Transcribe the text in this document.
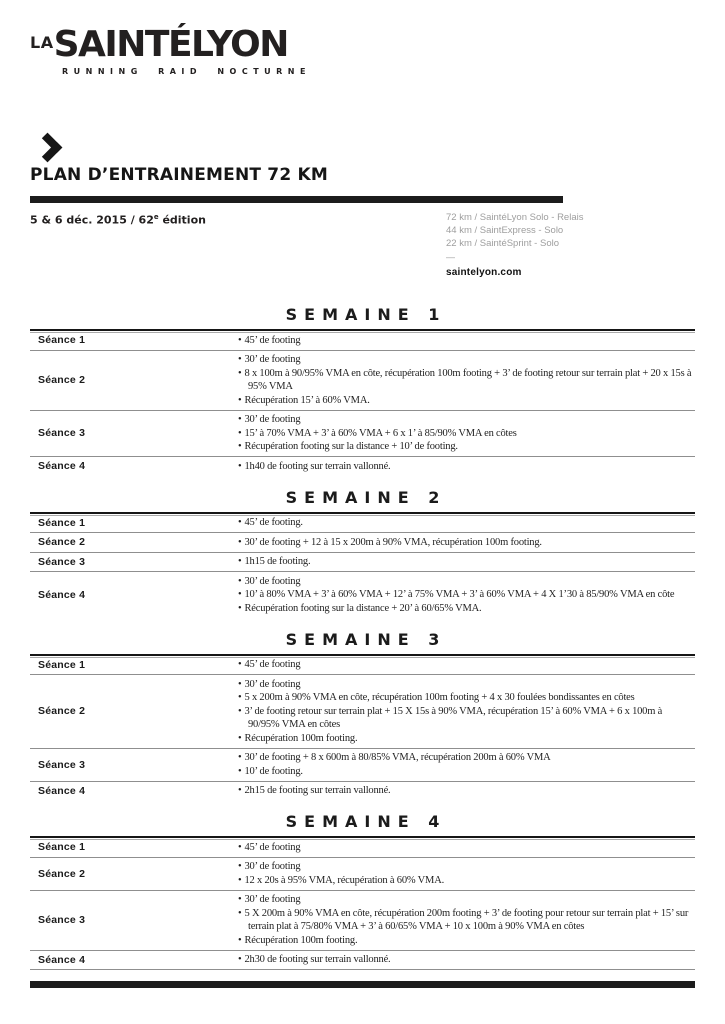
LA SAINTÉLYON
RUNNING RAID NOCTURNE
PLAN D’ENTRAINEMENT 72 KM
5 & 6 déc. 2015 / 62e édition	72 km / SaintéLyon Solo - Relais
44 km / SaintExpress - Solo
22 km / SaintéSprint - Solo
—
saintelyon.com
SEMAINE 1
Séance 1	• 45’ de footing
Séance 2
• 30’ de footing
• 8 x 100m à 90/95% VMA en côte, récupération 100m footing + 3’ de footing retour sur terrain plat + 20 x 15s à 95% VMA
• Récupération 15’ à 60% VMA.
Séance 3
• 30’ de footing
• 15’ à 70% VMA + 3’ à 60% VMA + 6 x 1’ à 85/90% VMA en côtes
• Récupération footing sur la distance + 10’ de footing.
Séance 4	• 1h40 de footing sur terrain vallonné.
SEMAINE 2
Séance 1	• 45’ de footing.
Séance 2	• 30’ de footing + 12 à 15 x 200m à 90% VMA, récupération 100m footing.
Séance 3	• 1h15 de footing.
Séance 4
• 30’ de footing
• 10’ à 80% VMA + 3’ à 60% VMA + 12’ à 75% VMA + 3’ à 60% VMA + 4 X 1’30 à 85/90% VMA en côte
• Récupération footing sur la distance + 20’ à 60/65% VMA.
SEMAINE 3
Séance 1	• 45’ de footing
Séance 2
• 30’ de footing
• 5 x 200m à 90% VMA en côte, récupération 100m footing + 4 x 30 foulées bondissantes en côtes
• 3’ de footing retour sur terrain plat + 15 X 15s à 90% VMA, récupération 15’ à 60% VMA + 6 x 100m à 90/95% VMA en côtes
• Récupération 100m footing.
Séance 3
• 30’ de footing + 8 x 600m à 80/85% VMA, récupération 200m à 60% VMA
• 10’ de footing.
Séance 4	• 2h15 de footing sur terrain vallonné.
SEMAINE 4
Séance 1	• 45’ de footing
Séance 2
• 30’ de footing
• 12 x 20s à 95% VMA, récupération à 60% VMA.
Séance 3
• 30’ de footing
• 5 X 200m à 90% VMA en côte, récupération 200m footing + 3’ de footing pour retour sur terrain plat + 15’ sur terrain plat à 75/80% VMA + 3’ à 60/65% VMA + 10 x 100m à 90% VMA en côtes
• Récupération 100m footing.
Séance 4	• 2h30 de footing sur terrain vallonné.
